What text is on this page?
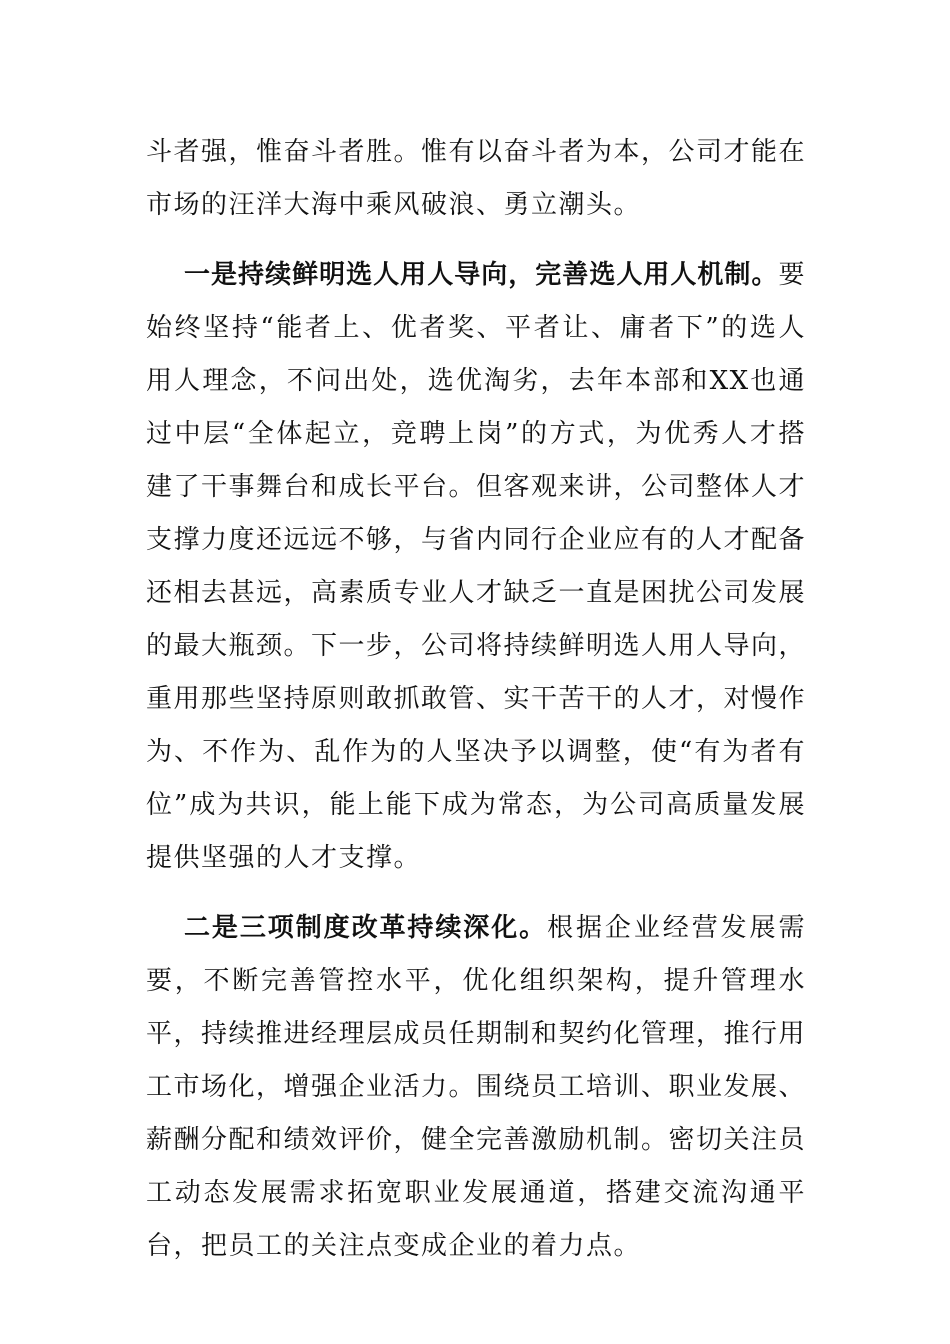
斗者强，惟奋斗者胜。惟有以奋斗者为本，公司才能在市场的汪洋大海中乘风破浪、勇立潮头。

一是持续鲜明选人用人导向，完善选人用人机制。要始终坚持“能者上、优者奖、平者让、庸者下”的选人用人理念，不问出处，选优淘劣，去年本部和XX也通过中层“全体起立，竞聘上岗”的方式，为优秀人才搭建了干事舞台和成长平台。但客观来讲，公司整体人才支撑力度还远远不够，与省内同行企业应有的人才配备还相去甚远，高素质专业人才缺乏一直是困扰公司发展的最大瓶颈。下一步，公司将持续鲜明选人用人导向，重用那些坚持原则敢抓敢管、实干苦干的人才，对慢作为、不作为、乱作为的人坚决予以调整，使“有为者有位”成为共识，能上能下成为常态，为公司高质量发展提供坚强的人才支撑。

二是三项制度改革持续深化。根据企业经营发展需要，不断完善管控水平，优化组织架构，提升管理水平，持续推进经理层成员任期制和契约化管理，推行用工市场化，增强企业活力。围绕员工培训、职业发展、薪酬分配和绩效评价，健全完善激励机制。密切关注员工动态发展需求拓宽职业发展通道，搭建交流沟通平台，把员工的关注点变成企业的着力点。
